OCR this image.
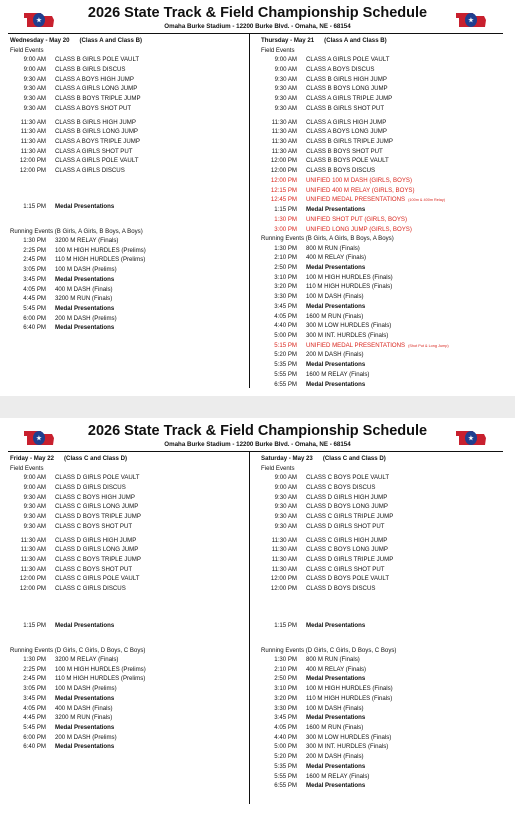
★	2026 State Track & Field Championship Schedule
Omaha Burke Stadium - 12200 Burke Blvd. - Omaha, NE - 68154
★
Wednesday - May 20 (Class A and Class B)
Field Events
9:00 AM CLASS B GIRLS POLE VAULT
9:00 AM CLASS B GIRLS DISCUS
9:30 AM CLASS A BOYS HIGH JUMP
9:30 AM CLASS A GIRLS LONG JUMP
9:30 AM CLASS B BOYS TRIPLE JUMP
9:30 AM CLASS A BOYS SHOT PUT
11:30 AM CLASS B GIRLS HIGH JUMP
11:30 AM CLASS B GIRLS LONG JUMP
11:30 AM CLASS A BOYS TRIPLE JUMP
11:30 AM CLASS A GIRLS SHOT PUT
12:00 PM CLASS A GIRLS POLE VAULT
12:00 PM CLASS A GIRLS DISCUS
1:15 PM Medal Presentations
Running Events (B Girls, A Girls, B Boys, A Boys)
1:30 PM 3200 M RELAY (Finals)
2:25 PM 100 M HIGH HURDLES (Prelims)
2:45 PM 110 M HIGH HURDLES (Prelims)
3:05 PM 100 M DASH (Prelims)
3:45 PM Medal Presentations
4:05 PM 400 M DASH (Finals)
4:45 PM 3200 M RUN (Finals)
5:45 PM Medal Presentations
6:00 PM 200 M DASH (Prelims)
6:40 PM Medal Presentations
Thursday - May 21 (Class A and Class B)
Field Events
9:00 AM CLASS A GIRLS POLE VAULT
9:00 AM CLASS A BOYS DISCUS
9:30 AM CLASS B GIRLS HIGH JUMP
9:30 AM CLASS B BOYS LONG JUMP
9:30 AM CLASS A GIRLS TRIPLE JUMP
9:30 AM CLASS B GIRLS SHOT PUT
11:30 AM CLASS A GIRLS HIGH JUMP
11:30 AM CLASS A BOYS LONG JUMP
11:30 AM CLASS B GIRLS TRIPLE JUMP
11:30 AM CLASS B BOYS SHOT PUT
12:00 PM CLASS B BOYS POLE VAULT
12:00 PM CLASS B BOYS DISCUS
12:00 PM UNIFIED 100 M DASH (GIRLS, BOYS)
12:15 PM UNIFIED 400 M RELAY (GIRLS, BOYS)
12:45 PM UNIFIED MEDAL PRESENTATIONS (100m & 400m Relay)
1:15 PM Medal Presentations
1:30 PM UNIFIED SHOT PUT (GIRLS, BOYS)
3:00 PM UNIFIED LONG JUMP (GIRLS, BOYS)
Running Events (B Girls, A Girls, B Boys, A Boys)
1:30 PM 800 M RUN (Finals)
2:10 PM 400 M RELAY (Finals)
2:50 PM Medal Presentations
3:10 PM 100 M HIGH HURDLES (Finals)
3:20 PM 110 M HIGH HURDLES (Finals)
3:30 PM 100 M DASH (Finals)
3:45 PM Medal Presentations
4:05 PM 1600 M RUN (Finals)
4:40 PM 300 M LOW HURDLES (Finals)
5:00 PM 300 M INT. HURDLES (Finals)
5:15 PM UNIFIED MEDAL PRESENTATIONS (Shot Put & Long Jump)
5:20 PM 200 M DASH (Finals)
5:35 PM Medal Presentations
5:55 PM 1600 M RELAY (Finals)
6:55 PM Medal Presentations
★	2026 State Track & Field Championship Schedule
Omaha Burke Stadium - 12200 Burke Blvd. - Omaha, NE - 68154
★
Friday - May 22 (Class C and Class D)
Field Events
9:00 AM CLASS D GIRLS POLE VAULT
9:00 AM CLASS D GIRLS DISCUS
9:30 AM CLASS C BOYS HIGH JUMP
9:30 AM CLASS C GIRLS LONG JUMP
9:30 AM CLASS D BOYS TRIPLE JUMP
9:30 AM CLASS C BOYS SHOT PUT
11:30 AM CLASS D GIRLS HIGH JUMP
11:30 AM CLASS D GIRLS LONG JUMP
11:30 AM CLASS C BOYS TRIPLE JUMP
11:30 AM CLASS C BOYS SHOT PUT
12:00 PM CLASS C GIRLS POLE VAULT
12:00 PM CLASS C GIRLS DISCUS
1:15 PM Medal Presentations
Running Events (D Girls, C Girls, D Boys, C Boys)
1:30 PM 3200 M RELAY (Finals)
2:25 PM 100 M HIGH HURDLES (Prelims)
2:45 PM 110 M HIGH HURDLES (Prelims)
3:05 PM 100 M DASH (Prelims)
3:45 PM Medal Presentations
4:05 PM 400 M DASH (Finals)
4:45 PM 3200 M RUN (Finals)
5:45 PM Medal Presentations
6:00 PM 200 M DASH (Prelims)
6:40 PM Medal Presentations
Saturday - May 23 (Class C and Class D)
Field Events
9:00 AM CLASS C BOYS POLE VAULT
9:00 AM CLASS C BOYS DISCUS
9:30 AM CLASS D GIRLS HIGH JUMP
9:30 AM CLASS D BOYS LONG JUMP
9:30 AM CLASS C GIRLS TRIPLE JUMP
9:30 AM CLASS D GIRLS SHOT PUT
11:30 AM CLASS C GIRLS HIGH JUMP
11:30 AM CLASS C BOYS LONG JUMP
11:30 AM CLASS D GIRLS TRIPLE JUMP
11:30 AM CLASS C GIRLS SHOT PUT
12:00 PM CLASS D BOYS POLE VAULT
12:00 PM CLASS D BOYS DISCUS
1:15 PM Medal Presentations
Running Events (D Girls, C Girls, D Boys, C Boys)
1:30 PM 800 M RUN (Finals)
2:10 PM 400 M RELAY (Finals)
2:50 PM Medal Presentations
3:10 PM 100 M HIGH HURDLES (Finals)
3:20 PM 110 M HIGH HURDLES (Finals)
3:30 PM 100 M DASH (Finals)
3:45 PM Medal Presentations
4:05 PM 1600 M RUN (Finals)
4:40 PM 300 M LOW HURDLES (Finals)
5:00 PM 300 M INT. HURDLES (Finals)
5:20 PM 200 M DASH (Finals)
5:35 PM Medal Presentations
5:55 PM 1600 M RELAY (Finals)
6:55 PM Medal Presentations
